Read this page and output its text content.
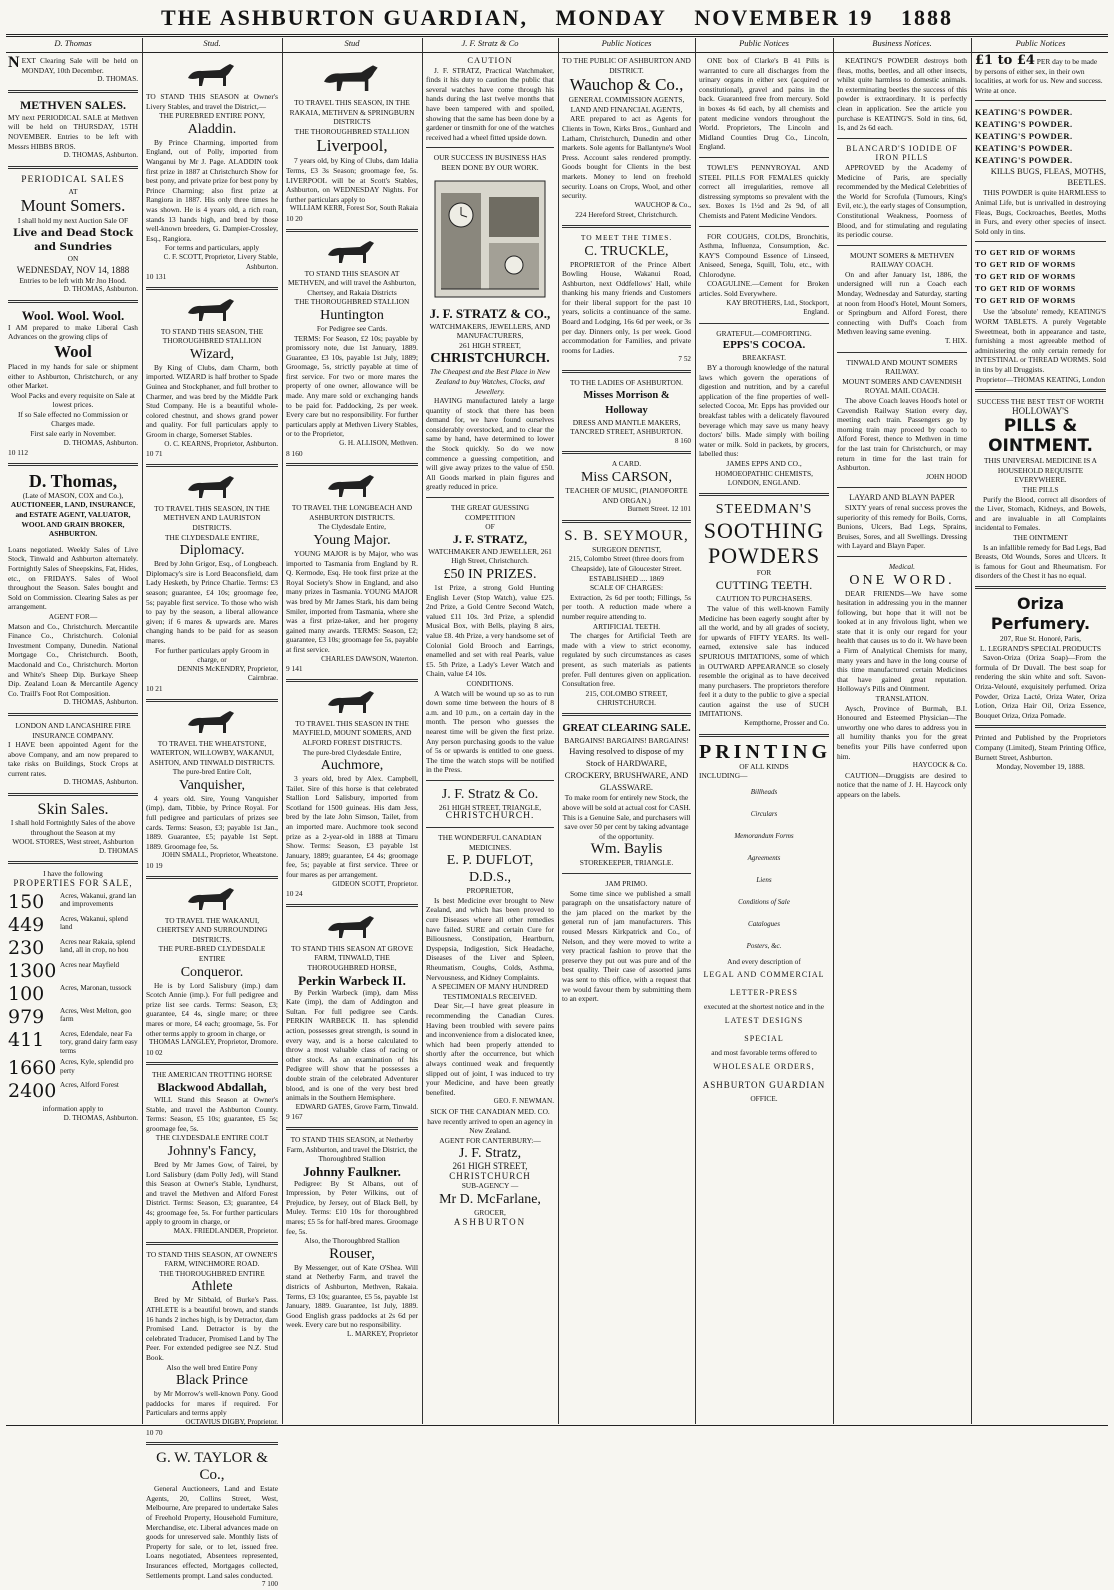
THE ASHBURTON GUARDIAN, MONDAY NOVEMBER 19 1888
D. Thomas	Stud.	Stud	J. F. Stratz & Co	Public Notices	Public Notices	Business Notices.	Public Notices

NEXT Clearing Sale will be held on MONDAY, 10th December.

D. THOMAS.

METHVEN SALES.

MY next PERIODICAL SALE at Methven will be held on THURSDAY, 15TH NOVEMBER. Entries to be left with Messrs HIBBS BROS.

D. THOMAS, Ashburton.

PERIODICAL SALES

AT

Mount Somers.

I shall hold my next Auction Sale OF

Live and Dead Stock and Sundries

ON

WEDNESDAY, NOV 14, 1888

Entries to be left with Mr Jno Hood.

D. THOMAS, Ashburton.

Wool. Wool. Wool.

I AM prepared to make Liberal Cash Advances on the growing clips of

Wool

Placed in my hands for sale or shipment either to Ashburton, Christchurch, or any other Market.

Wool Packs and every requisite on Sale at lowest prices.

If so Sale effected no Commission or Charges made.

First sale early in November.

D. THOMAS, Ashburton.

10 112

D. Thomas,

(Late of MASON, COX and Co.),

AUCTIONEER, LAND, INSURANCE, and ESTATE AGENT, VALUATOR, WOOL AND GRAIN BROKER, ASHBURTON.

Loans negotiated. Weekly Sales of Live Stock, Tinwald and Ashburton alternately. Fortnightly Sales of Sheepskins, Fat, Hides, etc., on FRIDAYS. Sales of Wool throughout the Season. Sales bought and Sold on Commission. Clearing Sales as per arrangement.

AGENT FOR—

Matson and Co., Christchurch. Mercantile Finance Co., Christchurch. Colonial Investment Company, Dunedin. National Mortgage Co., Christchurch. Booth, Macdonald and Co., Christchurch. Morton and White's Sheep Dip. Burkaye Sheep Dip. Zealand Loan & Mercantile Agency Co. Traill's Foot Rot Composition.

D. THOMAS, Ashburton.

LONDON AND LANCASHIRE FIRE INSURANCE COMPANY.

I HAVE been appointed Agent for the above Company, and am now prepared to take risks on Buildings, Stock Crops at current rates.

D. THOMAS, Ashburton.

Skin Sales.

I shall hold Fortnightly Sales of the above throughout the Season at my

WOOL STORES, West street, Ashburton

D. THOMAS

I have the following

PROPERTIES FOR SALE,

150	Acres, Wakanui, grand lan and improvements
449	Acres, Wakanui, splend land
230	Acres near Rakaia, splend land, all in crop, no hou
1300 Acres near Mayfield
100	Acres, Maronan, tussock
979	Acres, West Melton, goo farm
411	Acres, Edendale, near Fa tory, grand dairy farm easy terms
1660 Acres, Kyle, splendid pro perty
2400 Acres, Alford Forest

information apply to

D. THOMAS, Ashburton.

TO STAND THIS SEASON at Owner's Livery Stables, and travel the District,—

THE PUREBRED ENTIRE PONY,

Aladdin.

By Prince Charming, imported from England, out of Polly, imported from Wanganui by Mr J. Page. ALADDIN took first prize in 1887 at Christchurch Show for best pony, and private prize for best pony by Prince Charming; also first prize at Rangiora in 1887. His only three times he was shown. He is 4 years old, a rich roan, stands 13 hands high, and bred by those well-known breeders, G. Dampier-Crossley, Esq., Rangiora.

For terms and particulars, apply

C. F. SCOTT, Proprietor, Livery Stable, Ashburton.

10 131

TO STAND THIS SEASON, THE THOROUGHBRED STALLION

Wizard,

By King of Clubs, dam Charm, both imported. WIZARD is half brother to Spade Guinea and Stockphaner, and full brother to Charmer, and was bred by the Middle Park Stud Company. He is a beautiful whole-colored chestnut, and shows grand power and quality. For full particulars apply to Groom in charge, Somerset Stables.

O. C. KEARNS, Proprietor, Ashburton.

10 71

TO TRAVEL THIS SEASON, IN THE METHVEN AND LAURISTON DISTRICTS.

THE CLYDESDALE ENTIRE,

Diplomacy.

Bred by John Grigor, Esq., of Longbeach. Diplomacy's sire is Lord Beaconsfield, dam Lady Hesketh, by Prince Charlie. Terms: £3 season; guarantee, £4 10s; groomage fee, 5s; payable first service. To those who wish to pay by the season, a liberal allowance given; if 6 mares & upwards are. Mares changing hands to be paid for as season mares.

For further particulars apply Groom in charge, or

DENNIS McKENDRY, Proprietor, Cairnbrae.

10 21

TO TRAVEL THE WHEATSTONE, WATERTON, WILLOWBY, WAKANUI, ASHTON, AND TINWALD DISTRICTS.

The pure-bred Entire Colt,

Vanquisher,

4 years old. Sire, Young Vanquisher (imp), dam, Tibbie, by Prince Royal. For full pedigree and particulars of prizes see cards. Terms: Season, £3; payable 1st Jan., 1889. Guarantee, £5; payable 1st Sept. 1889. Groomage fee, 5s.

JOHN SMALL, Proprietor, Wheatstone.

10 19

TO TRAVEL THE WAKANUI, CHERTSEY AND SURROUNDING DISTRICTS.

THE PURE-BRED CLYDESDALE ENTIRE

Conqueror.

He is by Lord Salisbury (imp.) dam Scotch Annie (imp.). For full pedigree and prize list see cards. Terms: Season, £3; guarantee, £4 4s, single mare; or three mares or more, £4 each; groomage, 5s. For other terms apply to groom in charge, or

THOMAS LANGLEY, Proprietor, Dromore.

10 02

THE AMERICAN TROTTING HORSE

Blackwood Abdallah,

WILL Stand this Season at Owner's Stable, and travel the Ashburton County. Terms: Season, £5 10s; guarantee, £5 5s; groomage fee, 5s.

THE CLYDESDALE ENTIRE COLT

Johnny's Fancy,

Bred by Mr James Gow, of Tairei, by Lord Salisbury (dam Polly Jed), will Stand this Season at Owner's Stable, Lyndhurst, and travel the Methven and Alford Forest District. Terms: Season, £3; guarantee, £4 4s; groomage fee, 5s. For further particulars apply to groom in charge, or

MAX. FRIEDLANDER, Proprietor.

TO STAND THIS SEASON, AT OWNER'S FARM, WINCHMORE ROAD.

THE THOROUGHBRED ENTIRE

Athlete

Bred by Mr Sibbald, of Burke's Pass. ATHLETE is a beautiful brown, and stands 16 hands 2 inches high, is by Detractor, dam Promised Land. Detractor is by the celebrated Traducer, Promised Land by The Peer. For extended pedigree see N.Z. Stud Book.

Also the well bred Entire Pony

Black Prince

by Mr Morrow's well-known Pony. Good paddocks for mares if required. For Particulars and terms apply

OCTAVIUS DIGBY, Proprietor.

10 70

G. W. TAYLOR & Co.,

General Auctioneers, Land and Estate Agents, 20, Collins Street, West, Melbourne, Are prepared to undertake Sales of Freehold Property, Household Furniture, Merchandise, etc. Liberal advances made on goods for unreserved sale. Monthly lists of Property for sale, or to let, issued free. Loans negotiated, Absentees represented, Insurances effected, Mortgages collected, Settlements prompt. Land sales conducted.

7 100

TO TRAVEL THIS SEASON, IN THE RAKAIA, METHVEN & SPRINGBURN DISTRICTS

THE THOROUGHBRED STALLION

Liverpool,

7 years old, by King of Clubs, dam Idalia Terms, £3 3s Season; groomage fee, 5s. LIVERPOOL will be at Scott's Stables, Ashburton, on WEDNESDAY Nights. For further particulars apply to

WILLIAM KERR, Forest Sor, South Rakaia

10 20

TO STAND THIS SEASON AT METHVEN, and will travel the Ashburton, Chertsey, and Rakaia Districts

THE THOROUGHBRED STALLION

Huntington

For Pedigree see Cards.

TERMS: For Season, £2 10s; payable by promissory note, due 1st January, 1889. Guarantee, £3 10s, payable 1st July, 1889; Groomage, 5s, strictly payable at time of first service. For two or more mares the property of one owner, allowance will be made. Any mare sold or exchanging hands to be paid for. Paddocking, 2s per week. Every care but no responsibility. For further particulars apply at Methven Livery Stables, or to the Proprietor,

G. H. ALLISON, Methven.

8 160

TO TRAVEL THE LONGBEACH AND ASHBURTON DISTRICTS.

The Clydesdale Entire,

Young Major.

YOUNG MAJOR is by Major, who was imported to Tasmania from England by R. Q. Kermode, Esq. He took first prize at the Royal Society's Show in England, and also many prizes in Tasmania. YOUNG MAJOR was bred by Mr James Stark, his dam being Smiler, imported from Tasmania, where she was a first prize-taker, and her progeny gained many awards. TERMS: Season, £2; guarantee, £3 10s; groomage fee 5s, payable at first service.

CHARLES DAWSON, Waterton.

9 141

TO TRAVEL THIS SEASON IN THE MAYFIELD, MOUNT SOMERS, AND ALFORD FOREST DISTRICTS.

The pure-bred Clydesdale Entire,

Auchmore,

3 years old, bred by Alex. Campbell, Tailet. Sire of this horse is that celebrated Stallion Lord Salisbury, imported from Scotland for 1500 guineas. His dam Jess, bred by the late John Simson, Tailet, from an imported mare. Auchmore took second prize as a 2-year-old in 1888 at Timaru Show. Terms: Season, £3 payable 1st January, 1889; guarantee, £4 4s; groomage fee, 5s; payable at first service. Three or four mares as per arrangement.

GIDEON SCOTT, Proprietor.

10 24

TO STAND THIS SEASON AT GROVE FARM, TINWALD, THE THOROUGHBRED HORSE,

Perkin Warbeck II.

By Perkin Warbeck (imp), dam Miss Kate (imp), the dam of Addington and Sultan. For full pedigree see Cards. PERKIN WARBECK II. has splendid action, possesses great strength, is sound in every way, and is a horse calculated to throw a most valuable class of racing or other stock. As an examination of his Pedigree will show that he possesses a double strain of the celebrated Adventurer blood, and is one of the very best bred animals in the Southern Hemisphere.

EDWARD GATES, Grove Farm, Tinwald.

9 167

TO STAND THIS SEASON, at Netherby Farm, Ashburton, and travel the District, the Thoroughbred Stallion

Johnny Faulkner.

Pedigree: By St Albans, out of Impression, by Peter Wilkins, out of Prejudice, by Jersey, out of Black Bell, by Muley. Terms: £10 10s for thoroughbred mares; £5 5s for half-bred mares. Groomage fee, 5s.

Also, the Thoroughbred Stallion

Rouser,

By Messenger, out of Kate O'Shea. Will stand at Netherby Farm, and travel the districts of Ashburton, Methven, Rakaia. Terms, £3 10s; guarantee, £5 5s, payable 1st January, 1889. Guarantee, 1st July, 1889. Good English grass paddocks at 2s 6d per week. Every care but no responsibility.

L. MARKEY, Proprietor

CAUTION

J. F. STRATZ, Practical Watchmaker, finds it his duty to caution the public that several watches have come through his hands during the last twelve months that have been tampered with and spoiled, showing that the same has been done by a gardener or tinsmith for one of the watches received had a wheel fitted upside down.

OUR SUCCESS IN BUSINESS HAS BEEN DONE BY OUR WORK.

J. F. STRATZ & CO.,

WATCHMAKERS, JEWELLERS, AND MANUFACTURERS,

261 HIGH STREET,

CHRISTCHURCH.

The Cheapest and the Best Place in New Zealand to buy Watches, Clocks, and Jewellery.

HAVING manufactured lately a large quantity of stock that there has been demand for, we have found ourselves considerably overstocked, and to clear the same by hand, have determined to lower the Stock quickly. So do we now commence a guessing competition, and will give away prizes to the value of £50. All Goods marked in plain figures and greatly reduced in price.

THE GREAT GUESSING COMPETITION

OF

J. F. STRATZ,

WATCHMAKER AND JEWELLER, 261 High Street, Christchurch.

£50 IN PRIZES.

1st Prize, a strong Gold Hunting English Lever (Stop Watch), value £25. 2nd Prize, a Gold Centre Second Watch, valued £11 10s. 3rd Prize, a splendid Musical Box, with Bells, playing 8 airs, value £8. 4th Prize, a very handsome set of Colonial Gold Brooch and Earrings, enamelled and set with real Pearls, value £5. 5th Prize, a Lady's Lever Watch and Chain, value £4 10s.

CONDITIONS.

A Watch will be wound up so as to run down some time between the hours of 8 a.m. and 10 p.m., on a certain day in the month. The person who guesses the nearest time will be given the first prize. Any person purchasing goods to the value of 5s or upwards is entitled to one guess. The time the watch stops will be notified in the Press.

J. F. Stratz & Co.

261 HIGH STREET, TRIANGLE,

CHRISTCHURCH.

THE WONDERFUL CANADIAN MEDICINES.

E. P. DUFLOT, D.D.S.,

PROPRIETOR,

Is best Medicine ever brought to New Zealand, and which has been proved to cure Diseases where all other remedies have failed. SURE and certain Cure for Biliousness, Constipation, Heartburn, Dyspepsia, Indigestion, Sick Headache, Diseases of the Liver and Spleen, Rheumatism, Coughs, Colds, Asthma, Nervousness, and Kidney Complaints.

A SPECIMEN OF MANY HUNDRED TESTIMONIALS RECEIVED.

Dear Sir,—I have great pleasure in recommending the Canadian Cures. Having been troubled with severe pains and inconvenience from a dislocated knee, which had been properly attended to shortly after the occurrence, but which always continued weak and frequently slipped out of joint, I was induced to try your Medicine, and have been greatly benefited.

GEO. F. NEWMAN.

SICK OF THE CANADIAN MED. CO. have recently arrived to open an agency in New Zealand.

AGENT FOR CANTERBURY:—

J. F. Stratz,

261 HIGH STREET,

CHRISTCHURCH

SUB-AGENCY —

Mr D. McFarlane,

GROCER,

ASHBURTON

TO THE PUBLIC OF ASHBURTON AND DISTRICT.

Wauchop & Co.,

GENERAL COMMISSION AGENTS, LAND AND FINANCIAL AGENTS,

ARE prepared to act as Agents for Clients in Town, Kirks Bros., Gunhard and Latham, Christchurch, Dunedin and other markets. Sole agents for Ballantyne's Wool Press. Account sales rendered promptly. Goods bought for Clients in the best markets. Money to lend on freehold security. Loans on Crops, Wool, and other security.

WAUCHOP & Co.,

224 Hereford Street, Christchurch.

TO MEET THE TIMES.

C. TRUCKLE,

PROPRIETOR of the Prince Albert Bowling House, Wakanui Road, Ashburton, next Oddfellows' Hall, while thanking his many friends and Customers for their liberal support for the past 10 years, solicits a continuance of the same. Board and Lodging, 16s 6d per week, or 3s per day. Dinners only, 1s per week. Good accommodation for Families, and private rooms for Ladies.

7 52

TO THE LADIES OF ASHBURTON.

Misses Morrison & Holloway

DRESS AND MANTLE MAKERS, TANCRED STREET, ASHBURTON.

8 160

A CARD.

Miss CARSON,

TEACHER OF MUSIC, (PIANOFORTE AND ORGAN.)

Burnett Street. 12 101

S. B. SEYMOUR,

SURGEON DENTIST,

215, Colombo Street (three doors from Cheapside), late of Gloucester Street.

ESTABLISHED .... 1869

SCALE OF CHARGES:

Extraction, 2s 6d per tooth; Fillings, 5s per tooth. A reduction made where a number require attending to.

ARTIFICIAL TEETH.

The charges for Artificial Teeth are made with a view to strict economy, regulated by such circumstances as cases present, as such materials as patients prefer. Full dentures given on application. Consultation free.

215, COLOMBO STREET, CHRISTCHURCH.

GREAT CLEARING SALE.

BARGAINS! BARGAINS! BARGAINS!

Having resolved to dispose of my Stock of HARDWARE, CROCKERY, BRUSHWARE, AND GLASSWARE.

To make room for entirely new Stock, the above will be sold at actual cost for CASH.

This is a Genuine Sale, and purchasers will save over 50 per cent by taking advantage of the opportunity.

Wm. Baylis

STOREKEEPER, TRIANGLE.

JAM PRIMO.

Some time since we published a small paragraph on the unsatisfactory nature of the jam placed on the market by the general run of jam manufacturers. This roused Messrs Kirkpatrick and Co., of Nelson, and they were moved to write a very practical fashion to prove that the preserve they put out was pure and of the best quality. Their case of assorted jams was sent to this office, with a request that we would favour them by submitting them to an expert.

ONE box of Clarke's B 41 Pills is warranted to cure all discharges from the urinary organs in either sex (acquired or constitutional), gravel and pains in the back. Guaranteed free from mercury. Sold in boxes 4s 6d each, by all chemists and patent medicine vendors throughout the World. Proprietors, The Lincoln and Midland Counties Drug Co., Lincoln, England.

TOWLE'S PENNYROYAL AND STEEL PILLS FOR FEMALES quickly correct all irregularities, remove all distressing symptoms so prevalent with the sex. Boxes 1s 1½d and 2s 9d, of all Chemists and Patent Medicine Vendors.

FOR COUGHS, COLDS, Bronchitis, Asthma, Influenza, Consumption, &c. KAY'S Compound Essence of Linseed, Aniseed, Senega, Squill, Tolu, etc., with Chlorodyne.

COAGULINE.—Cement for Broken articles. Sold Everywhere.

KAY BROTHERS, Ltd., Stockport, England.

GRATEFUL—COMFORTING.

EPPS'S COCOA.

BREAKFAST.

BY a thorough knowledge of the natural laws which govern the operations of digestion and nutrition, and by a careful application of the fine properties of well-selected Cocoa, Mr. Epps has provided our breakfast tables with a delicately flavoured beverage which may save us many heavy doctors' bills. Made simply with boiling water or milk. Sold in packets, by grocers, labelled thus:

JAMES EPPS AND CO., HOMOEOPATHIC CHEMISTS, LONDON, ENGLAND.

STEEDMAN'S

SOOTHING

POWDERS

FOR

CUTTING TEETH.

CAUTION TO PURCHASERS.

The value of this well-known Family Medicine has been eagerly sought after by all the world, and by all grades of society, for upwards of FIFTY YEARS. Its well-earned, extensive sale has induced SPURIOUS IMITATIONS, some of which in OUTWARD APPEARANCE so closely resemble the original as to have deceived many purchasers. The proprietors therefore feel it a duty to the public to give a special caution against the use of SUCH IMITATIONS.

Kempthorne, Prosser and Co.

PRINTING

OF ALL KINDS

INCLUDING—

Billheads

Circulars

Memorandum Forms

Agreements

Liens

Conditions of Sale

Catalogues

Posters, &c.

And every description of

LEGAL AND COMMERCIAL

LETTER-PRESS

executed at the shortest notice and in the

LATEST DESIGNS

SPECIAL

and most favorable terms offered to

WHOLESALE ORDERS,

ASHBURTON GUARDIAN

OFFICE.

KEATING'S POWDER destroys both fleas, moths, beetles, and all other insects, whilst quite harmless to domestic animals. In exterminating beetles the success of this powder is extraordinary. It is perfectly clean in application. See the article you purchase is KEATING'S. Sold in tins, 6d, 1s, and 2s 6d each.

BLANCARD'S IODIDE OF IRON PILLS

APPROVED by the Academy of Medicine of Paris, are specially recommended by the Medical Celebrities of the World for Scrofula (Tumours, King's Evil, etc.), the early stages of Consumption, Constitutional Weakness, Poorness of Blood, and for stimulating and regulating its periodic course.

MOUNT SOMERS & METHVEN RAILWAY COACH.

On and after January 1st, 1886, the undersigned will run a Coach each Monday, Wednesday and Saturday, starting at noon from Hood's Hotel, Mount Somers, or Springburn and Alford Forest, there connecting with Duff's Coach from Methven leaving same evening.

T. HIX.

TINWALD AND MOUNT SOMERS RAILWAY.

MOUNT SOMERS AND CAVENDISH ROYAL MAIL COACH.

The above Coach leaves Hood's hotel or Cavendish Railway Station every day, meeting each train. Passengers go by morning train may proceed by coach to Alford Forest, thence to Methven in time for the last train for Christchurch, or may return in time for the last train for Ashburton.

JOHN HOOD

LAYARD AND BLAYN PAPER

SIXTY years of renal success proves the superiority of this remedy for Boils, Corns, Bunions, Ulcers, Bad Legs, Sprains, Bruises, Sores, and all Swellings. Dressing with Layard and Blayn Paper.

Medical.

ONE WORD.

DEAR FRIENDS—We have some hesitation in addressing you in the manner following, but hope that it will not be looked at in any frivolous light, when we state that it is only our regard for your health that causes us to do it. We have been a Firm of Analytical Chemists for many, many years and have in the long course of this time manufactured certain Medicines that have gained great reputation. Holloway's Pills and Ointment.

TRANSLATION.

Aysch, Province of Burmah, B.I. Honoured and Esteemed Physician—The unworthy one who dares to address you in all humility thanks you for the great benefits your Pills have conferred upon him.

HAYCOCK & Co.

CAUTION—Druggists are desired to notice that the name of J. H. Haycock only appears on the labels.

£1 to £4 PER day to be made by persons of either sex, in their own localities, at work for us. New and success. Write at once.

KEATING'S POWDER.

KEATING'S POWDER.

KEATING'S POWDER.

KEATING'S POWDER.

KEATING'S POWDER.

KILLS BUGS, FLEAS, MOTHS, BEETLES.

THIS POWDER is quite HARMLESS to Animal Life, but is unrivalled in destroying Fleas, Bugs, Cockroaches, Beetles, Moths in Furs, and every other species of insect. Sold only in tins.

TO GET RID OF WORMS

TO GET RID OF WORMS

TO GET RID OF WORMS

TO GET RID OF WORMS

TO GET RID OF WORMS

Use the 'absolute' remedy, KEATING'S WORM TABLETS. A purely Vegetable Sweetmeat, both in appearance and taste, furnishing a most agreeable method of administering the only certain remedy for INTESTINAL or THREAD WORMS. Sold in tins by all Druggists.

Proprietor—THOMAS KEATING, London

SUCCESS THE BEST TEST OF WORTH

HOLLOWAY'S

PILLS & OINTMENT.

THIS UNIVERSAL MEDICINE IS A HOUSEHOLD REQUISITE EVERYWHERE.

THE PILLS

Purify the Blood, correct all disorders of the Liver, Stomach, Kidneys, and Bowels, and are invaluable in all Complaints incidental to Females.

THE OINTMENT

Is an infallible remedy for Bad Legs, Bad Breasts, Old Wounds, Sores and Ulcers. It is famous for Gout and Rheumatism. For disorders of the Chest it has no equal.

Oriza Perfumery.

207, Rue St. Honoré, Paris,

L. LEGRAND'S SPECIAL PRODUCTS

Savon-Oriza (Oriza Soap)—From the formula of Dr Duvall. The best soap for rendering the skin white and soft. Savon-Oriza-Velouté, exquisitely perfumed. Oriza Powder, Oriza Lacté, Oriza Water, Oriza Lotion, Oriza Hair Oil, Oriza Essence, Bouquet Oriza, Oriza Pomade.

Printed and Published by the Proprietors Company (Limited), Steam Printing Office, Burnett Street, Ashburton.

Monday, November 19, 1888.
